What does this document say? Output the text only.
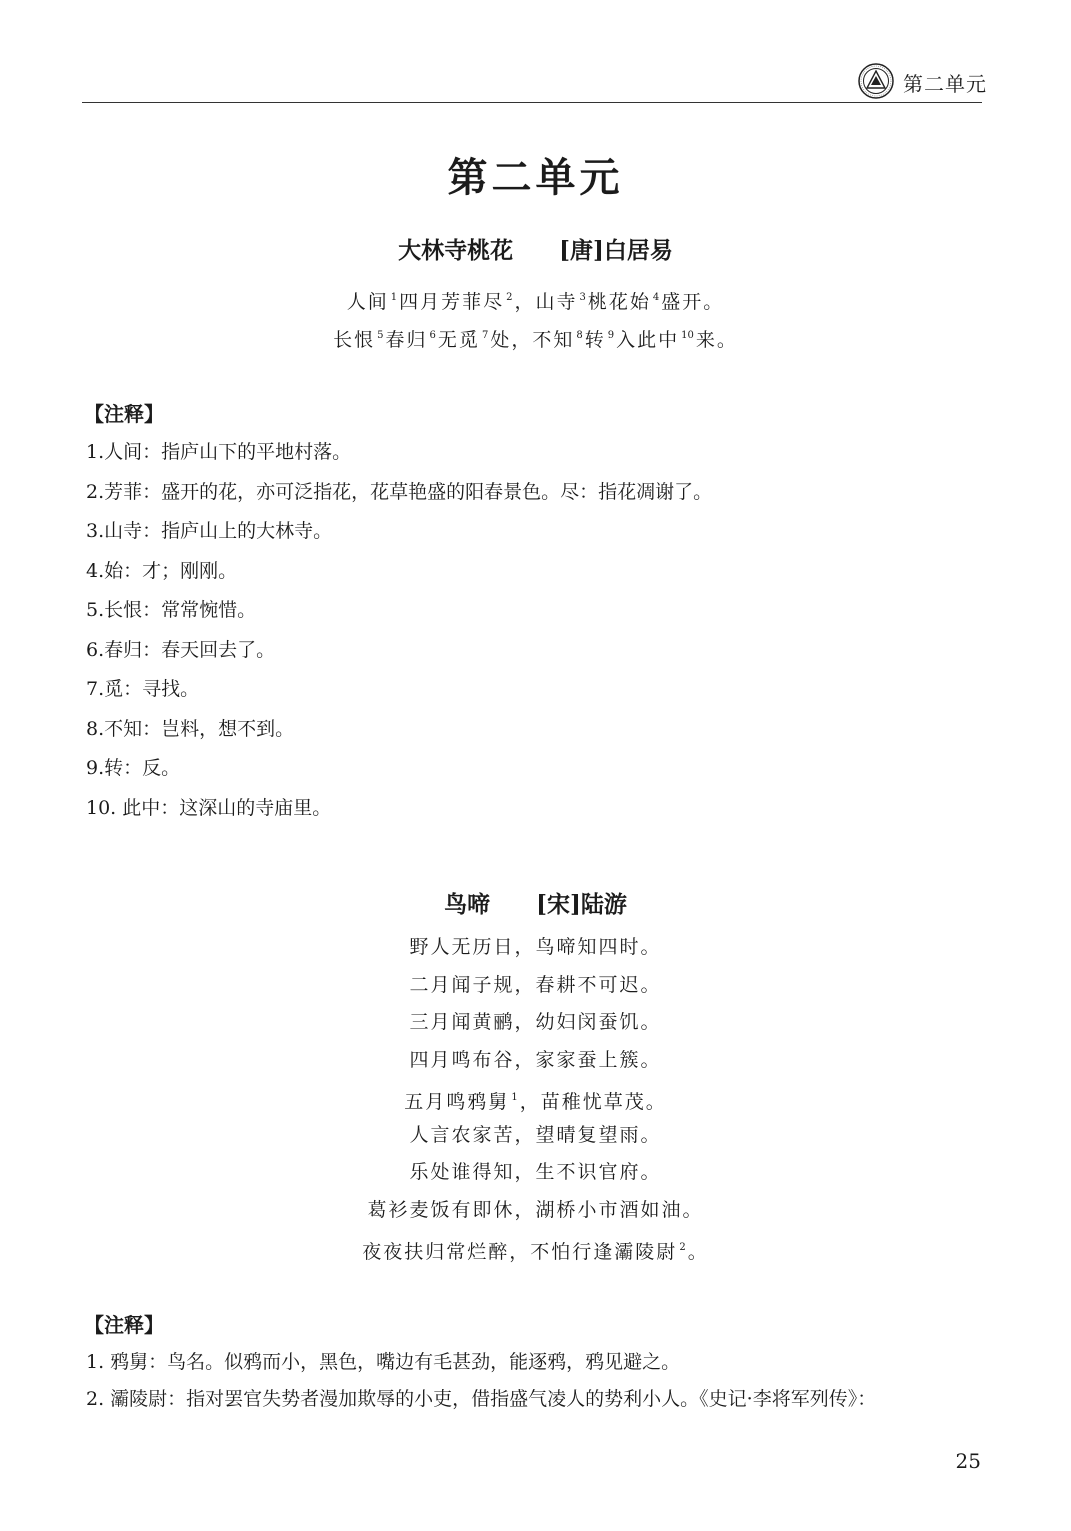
第二单元
第二单元
大林寺桃花 [唐]白居易
人间 $^1$ 四月芳菲尽 $^2$ ，山寺 $^3$ 桃花始 $^4$ 盛开。
长恨 $^5$ 春归 $^6$ 无觅 $^7$ 处，不知 $^8$ 转 $^9$ 入此中 $^{10}$ 来。
【注释】
1.人间：指庐山下的平地村落。
2.芳菲：盛开的花，亦可泛指花，花草艳盛的阳春景色。尽：指花凋谢了。
3.山寺：指庐山上的大林寺。
4.始：才；刚刚。
5.长恨：常常惋惜。
6.春归：春天回去了。
7.觅：寻找。
8.不知：岂料，想不到。
9.转：反。
10. 此中：这深山的寺庙里。
鸟啼 [宋]陆游
野人无历日，鸟啼知四时。
二月闻子规，春耕不可迟。
三月闻黄鹂，幼妇闵蚕饥。
四月鸣布谷，家家蚕上簇。
五月鸣鸦舅 $^1$ ，苗稚忧草茂。
人言农家苦，望晴复望雨。
乐处谁得知，生不识官府。
葛衫麦饭有即休，湖桥小市酒如油。
夜夜扶归常烂醉，不怕行逢灞陵尉 $^2$ 。
【注释】
1. 鸦舅：鸟名。似鸦而小，黑色，嘴边有毛甚劲，能逐鸦，鸦见避之。
2. 灞陵尉：指对罢官失势者漫加欺辱的小吏，借指盛气凌人的势利小人。《史记·李将军列传》：
25
